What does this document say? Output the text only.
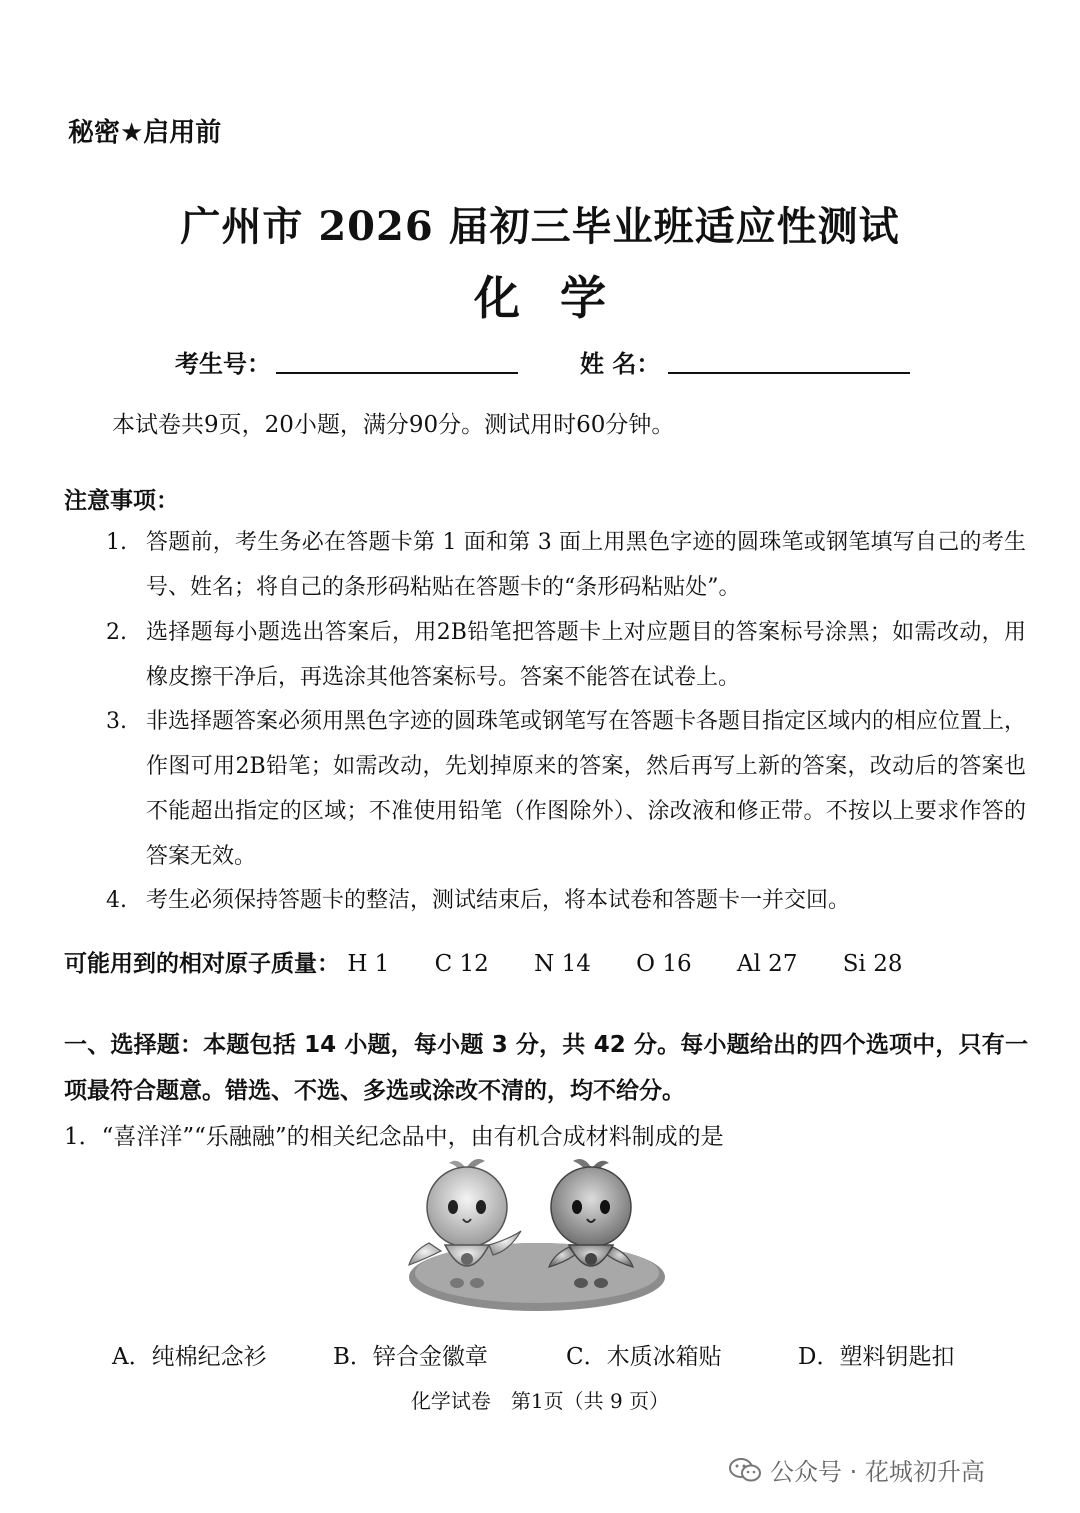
秘密★启用前
广州市 2026 届初三毕业班适应性测试
化学
考生号：	姓 名：
本试卷共9页，20小题，满分90分。测试用时60分钟。
注意事项：
1. 答题前，考生务必在答题卡第 1 面和第 3 面上用黑色字迹的圆珠笔或钢笔填写自己的考生号、姓名；将自己的条形码粘贴在答题卡的“条形码粘贴处”。
2. 选择题每小题选出答案后，用2B铅笔把答题卡上对应题目的答案标号涂黑；如需改动，用橡皮擦干净后，再选涂其他答案标号。答案不能答在试卷上。
3. 非选择题答案必须用黑色字迹的圆珠笔或钢笔写在答题卡各题目指定区域内的相应位置上，作图可用2B铅笔；如需改动，先划掉原来的答案，然后再写上新的答案，改动后的答案也不能超出指定的区域；不准使用铅笔（作图除外）、涂改液和修正带。不按以上要求作答的答案无效。
4. 考生必须保持答题卡的整洁，测试结束后，将本试卷和答题卡一并交回。
可能用到的相对原子质量： H 1 C 12 N 14 O 16 Al 27 Si 28
一、选择题：本题包括 14 小题，每小题 3 分，共 42 分。每小题给出的四个选项中，只有一项最符合题意。错选、不选、多选或涂改不清的，均不给分。
1．“喜洋洋”“乐融融”的相关纪念品中，由有机合成材料制成的是
A．纯棉纪念衫	B．锌合金徽章	C．木质冰箱贴	D．塑料钥匙扣
化学试卷　第1页（共 9 页）
公众号 · 花城初升高
